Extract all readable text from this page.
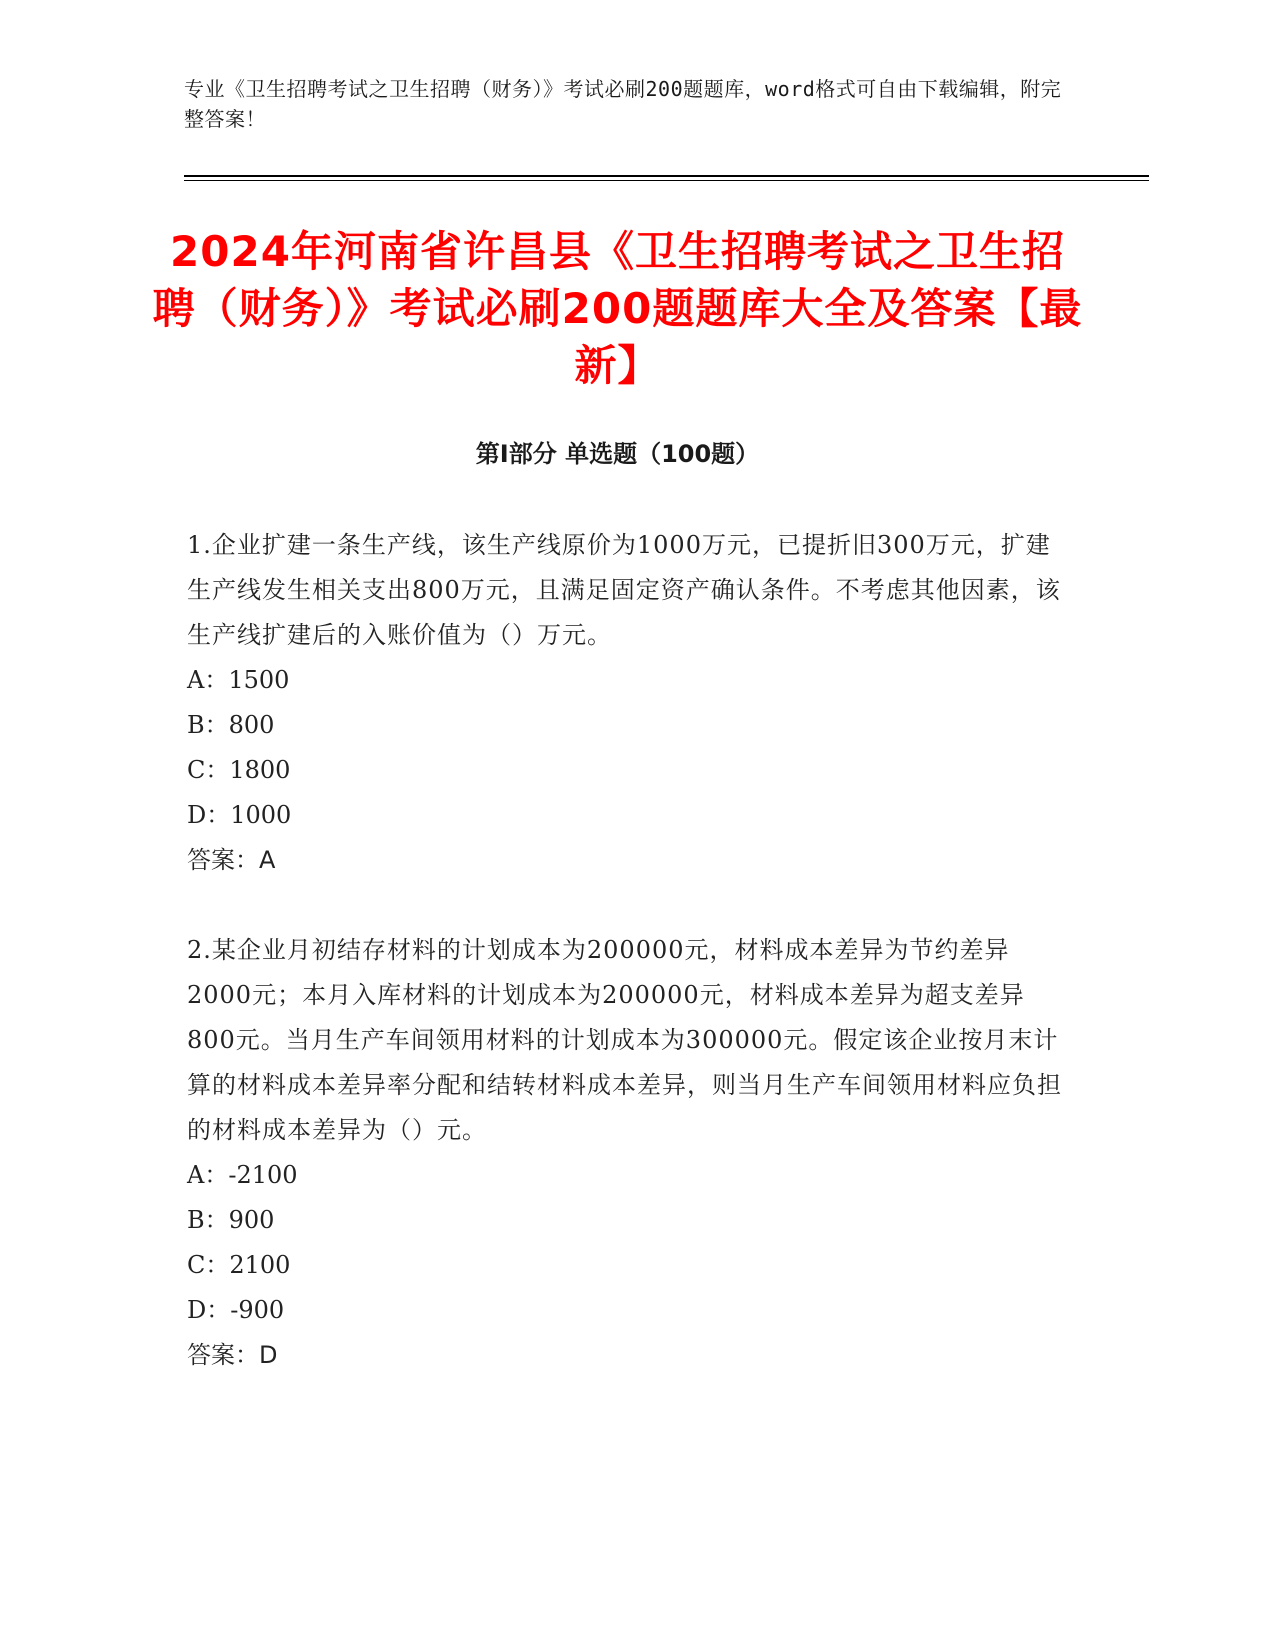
专业《卫生招聘考试之卫生招聘（财务）》考试必刷200题题库，word格式可自由下载编辑，附完整答案！
2024年河南省许昌县《卫生招聘考试之卫生招聘（财务）》考试必刷200题题库大全及答案【最新】
第Ⅰ部分 单选题（100题）

1.企业扩建一条生产线，该生产线原价为1000万元，已提折旧300万元，扩建生产线发生相关支出800万元，且满足固定资产确认条件。不考虑其他因素，该生产线扩建后的入账价值为（）万元。

A：1500

B：800

C：1800

D：1000

答案：A

2.某企业月初结存材料的计划成本为200000元，材料成本差异为节约差异2000元；本月入库材料的计划成本为200000元，材料成本差异为超支差异800元。当月生产车间领用材料的计划成本为300000元。假定该企业按月末计算的材料成本差异率分配和结转材料成本差异，则当月生产车间领用材料应负担的材料成本差异为（）元。

A：-2100

B：900

C：2100

D：-900

答案：D
